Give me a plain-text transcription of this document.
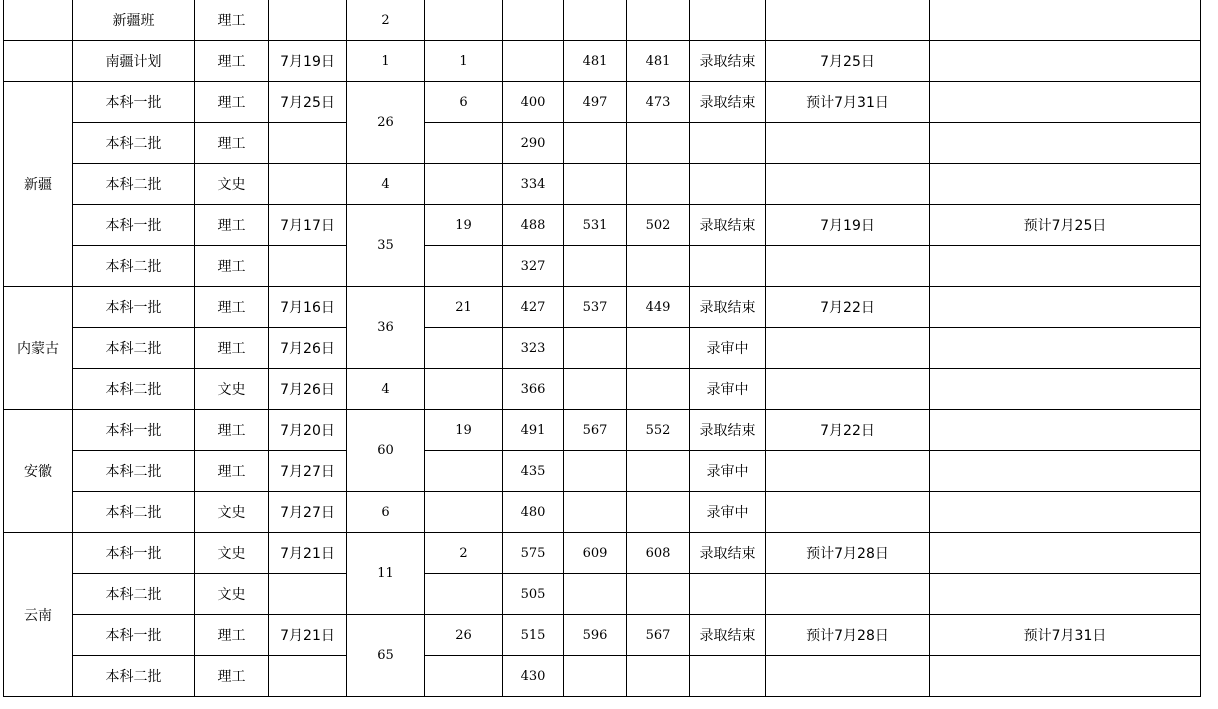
	新疆班	理工		2							
	南疆计划	理工	7月19日	1	1		481	481	录取结束	7月25日	
新疆	本科一批	理工	7月25日	26	6	400	497	473	录取结束	预计7月31日	
	本科二批	理工				290					
	本科二批	文史		4		334					
	本科一批	理工	7月17日	35	19	488	531	502	录取结束	7月19日	预计7月25日
	本科二批	理工				327					
内蒙古	本科一批	理工	7月16日	36	21	427	537	449	录取结束	7月22日	
	本科二批	理工	7月26日			323			录审中		
	本科二批	文史	7月26日	4		366			录审中		
安徽	本科一批	理工	7月20日	60	19	491	567	552	录取结束	7月22日	
	本科二批	理工	7月27日			435			录审中		
	本科二批	文史	7月27日	6		480			录审中		
云南	本科一批	文史	7月21日	11	2	575	609	608	录取结束	预计7月28日	
	本科二批	文史				505					
	本科一批	理工	7月21日	65	26	515	596	567	录取结束	预计7月28日	预计7月31日
	本科二批	理工				430					
